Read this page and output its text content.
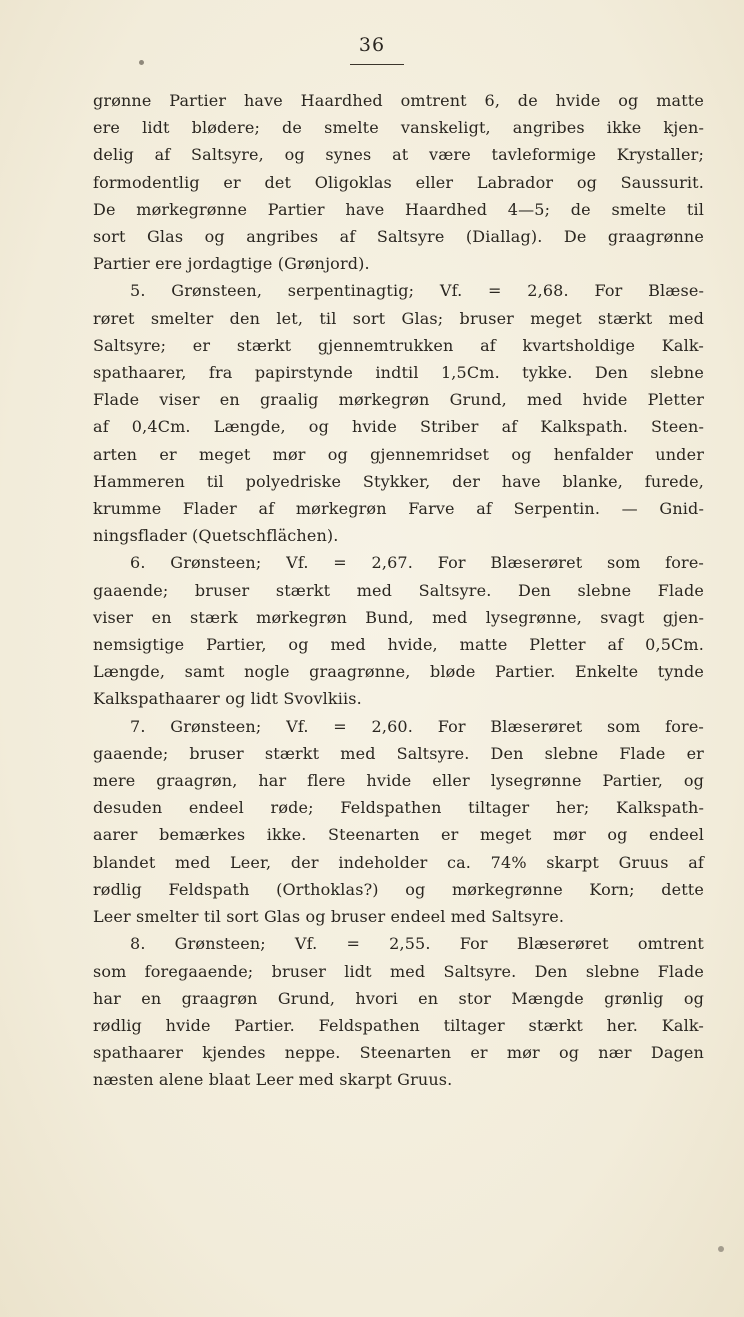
36
grønne Partier have Haardhed omtrent 6, de hvide og matte
ere lidt blødere; de smelte vanskeligt, angribes ikke kjen-
delig af Saltsyre, og synes at være tavleformige Krystaller;
formodentlig er det Oligoklas eller Labrador og Saussurit.
De mørkegrønne Partier have Haardhed 4—5; de smelte til
sort Glas og angribes af Saltsyre (Diallag). De graagrønne
Partier ere jordagtige (Grønjord).
5. Grønsteen, serpentinagtig; Vf. = 2,68. For Blæse-
røret smelter den let, til sort Glas; bruser meget stærkt med
Saltsyre; er stærkt gjennemtrukken af kvartsholdige Kalk-
spathaarer, fra papirstynde indtil 1,5Cm. tykke. Den slebne
Flade viser en graalig mørkegrøn Grund, med hvide Pletter
af 0,4Cm. Længde, og hvide Striber af Kalkspath. Steen-
arten er meget mør og gjennemridset og henfalder under
Hammeren til polyedriske Stykker, der have blanke, furede,
krumme Flader af mørkegrøn Farve af Serpentin. — Gnid-
ningsflader (Quetschflächen).
6. Grønsteen; Vf. = 2,67. For Blæserøret som fore-
gaaende; bruser stærkt med Saltsyre. Den slebne Flade
viser en stærk mørkegrøn Bund, med lysegrønne, svagt gjen-
nemsigtige Partier, og med hvide, matte Pletter af 0,5Cm.
Længde, samt nogle graagrønne, bløde Partier. Enkelte tynde
Kalkspathaarer og lidt Svovlkiis.
7. Grønsteen; Vf. = 2,60. For Blæserøret som fore-
gaaende; bruser stærkt med Saltsyre. Den slebne Flade er
mere graagrøn, har flere hvide eller lysegrønne Partier, og
desuden endeel røde; Feldspathen tiltager her; Kalkspath-
aarer bemærkes ikke. Steenarten er meget mør og endeel
blandet med Leer, der indeholder ca. 74% skarpt Gruus af
rødlig Feldspath (Orthoklas?) og mørkegrønne Korn; dette
Leer smelter til sort Glas og bruser endeel med Saltsyre.
8. Grønsteen; Vf. = 2,55. For Blæserøret omtrent
som foregaaende; bruser lidt med Saltsyre. Den slebne Flade
har en graagrøn Grund, hvori en stor Mængde grønlig og
rødlig hvide Partier. Feldspathen tiltager stærkt her. Kalk-
spathaarer kjendes neppe. Steenarten er mør og nær Dagen
næsten alene blaat Leer med skarpt Gruus.
